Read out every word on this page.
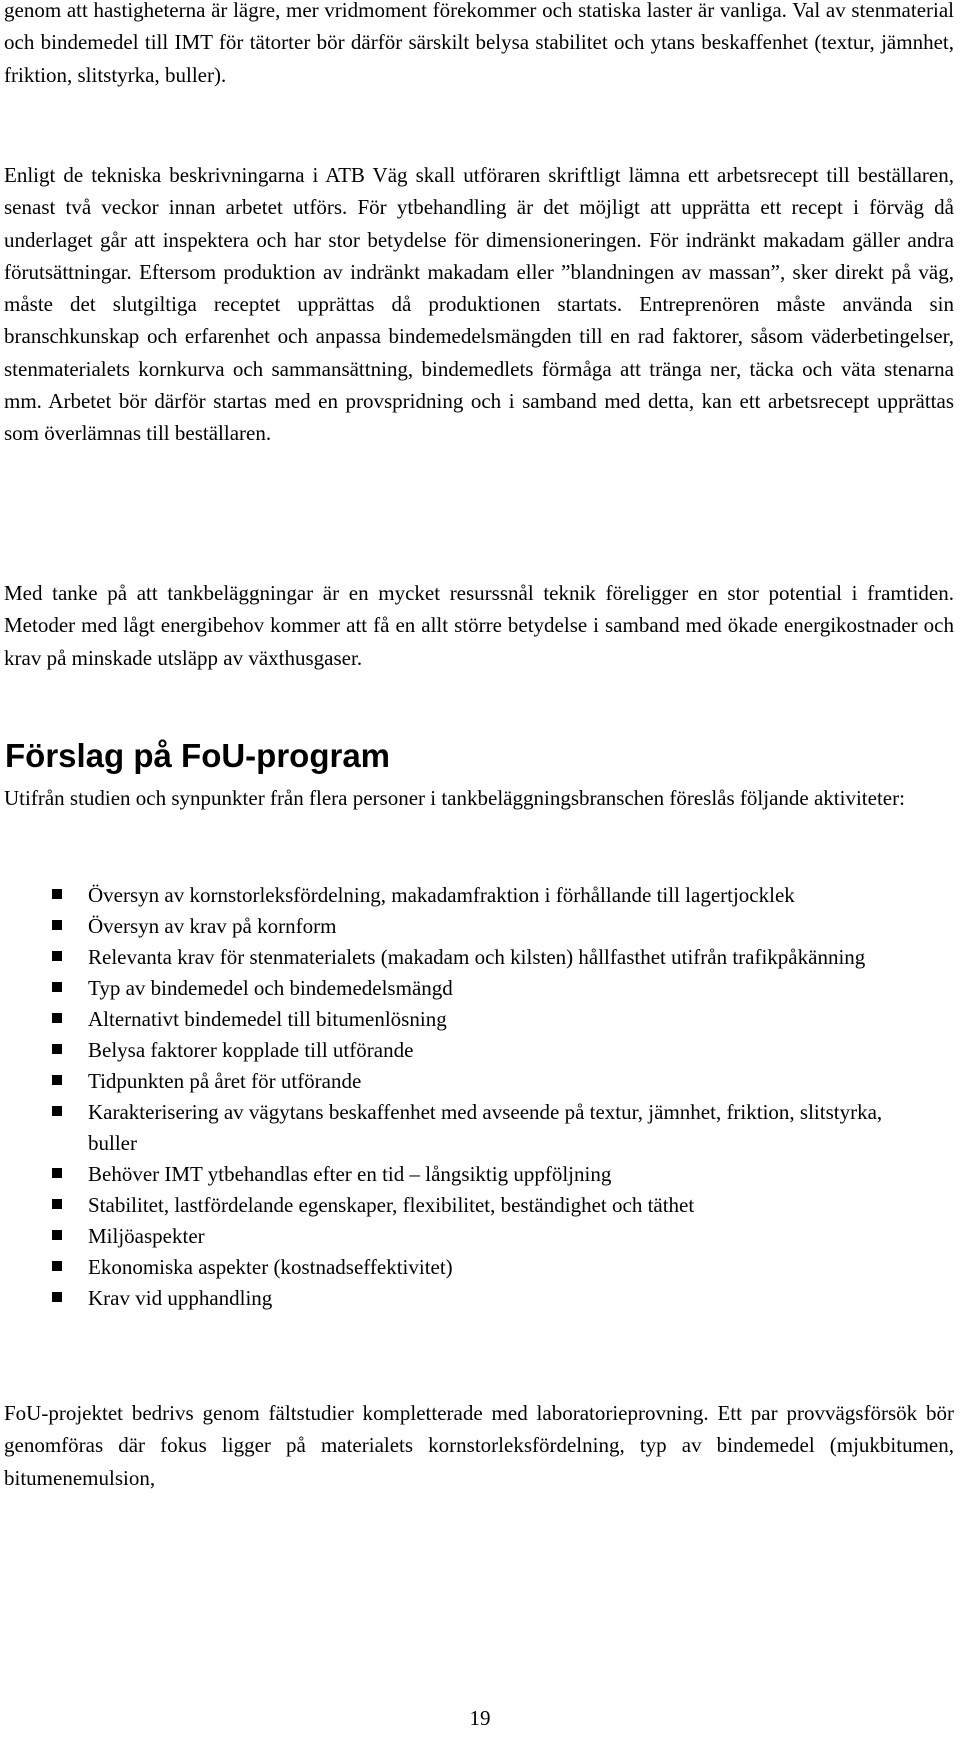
genom att hastigheterna är lägre, mer vridmoment förekommer och statiska laster är vanliga. Val av stenmaterial och bindemedel till IMT för tätorter bör därför särskilt belysa stabilitet och ytans beskaffenhet (textur, jämnhet, friktion, slitstyrka, buller).

Enligt de tekniska beskrivningarna i ATB Väg skall utföraren skriftligt lämna ett arbetsrecept till beställaren, senast två veckor innan arbetet utförs. För ytbehandling är det möjligt att upprätta ett recept i förväg då underlaget går att inspektera och har stor betydelse för dimensioneringen. För indränkt makadam gäller andra förutsättningar. Eftersom produktion av indränkt makadam eller ”blandningen av massan”, sker direkt på väg, måste det slutgiltiga receptet upprättas då produktionen startats. Entreprenören måste använda sin branschkunskap och erfarenhet och anpassa bindemedelsmängden till en rad faktorer, såsom väderbetingelser, stenmaterialets kornkurva och sammansättning, bindemedlets förmåga att tränga ner, täcka och väta stenarna mm. Arbetet bör därför startas med en provspridning och i samband med detta, kan ett arbetsrecept upprättas som överlämnas till beställaren.

Med tanke på att tankbeläggningar är en mycket resurssnål teknik föreligger en stor potential i framtiden. Metoder med lågt energibehov kommer att få en allt större betydelse i samband med ökade energikostnader och krav på minskade utsläpp av växthusgaser.

Förslag på FoU-program

Utifrån studien och synpunkter från flera personer i tankbeläggningsbranschen föreslås följande aktiviteter:

Översyn av kornstorleksfördelning, makadamfraktion i förhållande till lagertjocklek
Översyn av krav på kornform
Relevanta krav för stenmaterialets (makadam och kilsten) hållfasthet utifrån trafikpåkänning
Typ av bindemedel och bindemedelsmängd
Alternativt bindemedel till bitumenlösning
Belysa faktorer kopplade till utförande
Tidpunkten på året för utförande
Karakterisering av vägytans beskaffenhet med avseende på textur, jämnhet, friktion, slitstyrka, buller
Behöver IMT ytbehandlas efter en tid – långsiktig uppföljning
Stabilitet, lastfördelande egenskaper, flexibilitet, beständighet och täthet
Miljöaspekter
Ekonomiska aspekter (kostnadseffektivitet)
Krav vid upphandling

FoU-projektet bedrivs genom fältstudier kompletterade med laboratorieprovning. Ett par provvägsförsök bör genomföras där fokus ligger på materialets kornstorleksfördelning, typ av bindemedel (mjukbitumen, bitumenemulsion,

19
